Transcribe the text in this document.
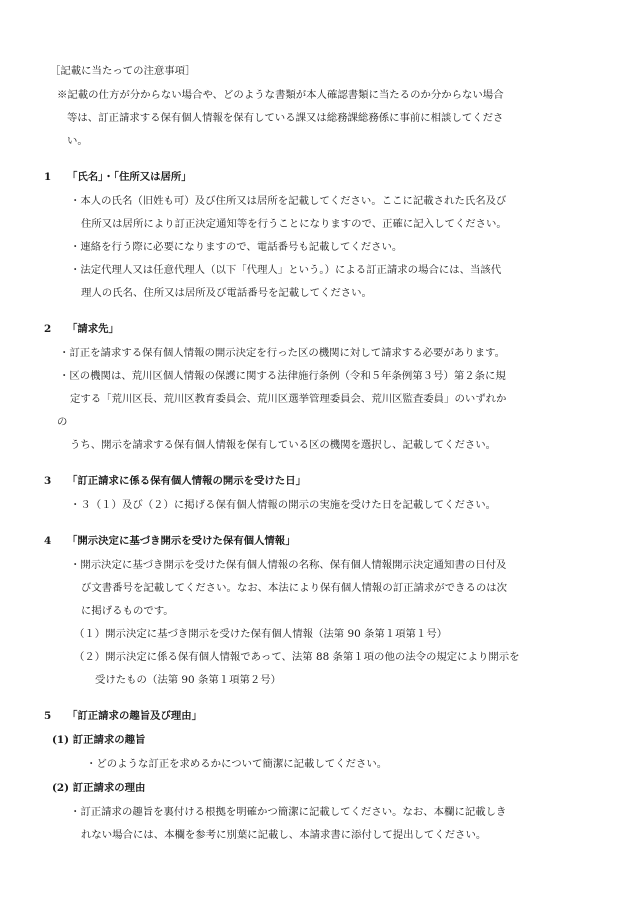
［記載に当たっての注意事項］
※記載の仕方が分からない場合や、どのような書類が本人確認書類に当たるのか分からない場合
等は、訂正請求する保有個人情報を保有している課又は総務課総務係に事前に相談してくださ
い。
1 「氏名」・「住所又は居所」
・本人の氏名（旧姓も可）及び住所又は居所を記載してください。ここに記載された氏名及び
住所又は居所により訂正決定通知等を行うことになりますので、正確に記入してください。
・連絡を行う際に必要になりますので、電話番号も記載してください。
・法定代理人又は任意代理人（以下「代理人」という。）による訂正請求の場合には、当該代
理人の氏名、住所又は居所及び電話番号を記載してください。
2 「請求先」
・訂正を請求する保有個人情報の開示決定を行った区の機関に対して請求する必要があります。
・区の機関は、荒川区個人情報の保護に関する法律施行条例（令和５年条例第３号）第２条に規
定する「荒川区長、荒川区教育委員会、荒川区選挙管理委員会、荒川区監査委員」のいずれか
の
うち、開示を請求する保有個人情報を保有している区の機関を選択し、記載してください。
3 「訂正請求に係る保有個人情報の開示を受けた日」
・３（１）及び（２）に掲げる保有個人情報の開示の実施を受けた日を記載してください。
4 「開示決定に基づき開示を受けた保有個人情報」
・開示決定に基づき開示を受けた保有個人情報の名称、保有個人情報開示決定通知書の日付及
び文書番号を記載してください。なお、本法により保有個人情報の訂正請求ができるのは次
に掲げるものです。
（１）開示決定に基づき開示を受けた保有個人情報（法第 90 条第１項第１号）
（２）開示決定に係る保有個人情報であって、法第 88 条第１項の他の法令の規定により開示を
受けたもの（法第 90 条第１項第２号）
5 「訂正請求の趣旨及び理由」
(1) 訂正請求の趣旨
・どのような訂正を求めるかについて簡潔に記載してください。
(2) 訂正請求の理由
・訂正請求の趣旨を裏付ける根拠を明確かつ簡潔に記載してください。なお、本欄に記載しき
れない場合には、本欄を参考に別葉に記載し、本請求書に添付して提出してください。
